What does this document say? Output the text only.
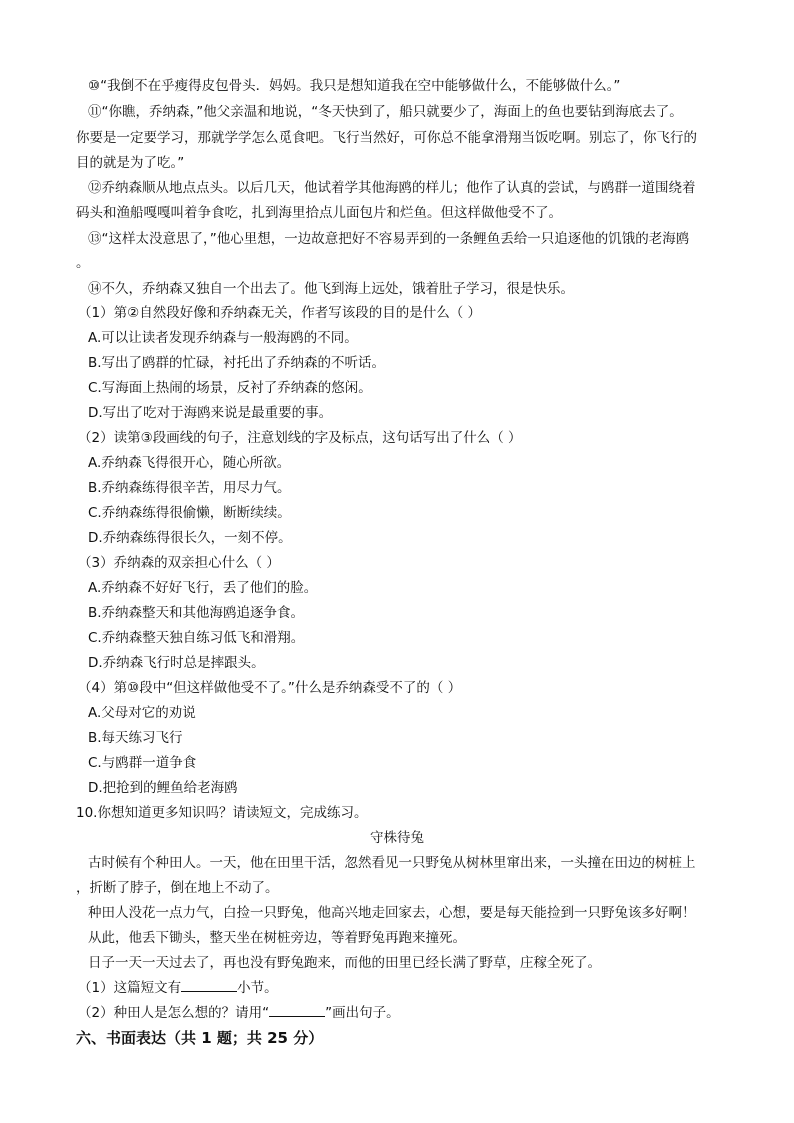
⑩“我倒不在乎瘦得皮包骨头．妈妈。我只是想知道我在空中能够做什么，不能够做什么。”
⑪“你瞧，乔纳森，”他父亲温和地说，“冬天快到了，船只就要少了，海面上的鱼也要钻到海底去了。
你要是一定要学习，那就学学怎么觅食吧。飞行当然好，可你总不能拿滑翔当饭吃啊。别忘了，你飞行的
目的就是为了吃。”
⑫乔纳森顺从地点点头。以后几天，他试着学其他海鸥的样儿；他作了认真的尝试，与鸥群一道围绕着
码头和渔船嘎嘎叫着争食吃，扎到海里拾点儿面包片和烂鱼。但这样做他受不了。
⑬“这样太没意思了，”他心里想，一边故意把好不容易弄到的一条鲤鱼丢给一只追逐他的饥饿的老海鸥
。
⑭不久，乔纳森又独自一个出去了。他飞到海上远处，饿着肚子学习，很是快乐。
（1）第②自然段好像和乔纳森无关，作者写该段的目的是什么（ ）
A.可以让读者发现乔纳森与一般海鸥的不同。
B.写出了鸥群的忙碌，衬托出了乔纳森的不听话。
C.写海面上热闹的场景，反衬了乔纳森的悠闲。
D.写出了吃对于海鸥来说是最重要的事。
（2）读第③段画线的句子，注意划线的字及标点，这句话写出了什么（ ）
A.乔纳森飞得很开心，随心所欲。
B.乔纳森练得很辛苦，用尽力气。
C.乔纳森练得很偷懒，断断续续。
D.乔纳森练得很长久，一刻不停。
（3）乔纳森的双亲担心什么（ ）
A.乔纳森不好好飞行，丢了他们的脸。
B.乔纳森整天和其他海鸥追逐争食。
C.乔纳森整天独自练习低飞和滑翔。
D.乔纳森飞行时总是摔跟头。
（4）第⑩段中“但这样做他受不了。”什么是乔纳森受不了的（ ）
A.父母对它的劝说
B.每天练习飞行
C.与鸥群一道争食
D.把抢到的鲤鱼给老海鸥
10.你想知道更多知识吗？请读短文，完成练习。
守株待兔
古时候有个种田人。一天，他在田里干活，忽然看见一只野兔从树林里窜出来，一头撞在田边的树桩上
，折断了脖子，倒在地上不动了。
种田人没花一点力气，白捡一只野兔，他高兴地走回家去，心想，要是每天能捡到一只野兔该多好啊！
从此，他丢下锄头，整天坐在树桩旁边，等着野兔再跑来撞死。
日子一天一天过去了，再也没有野兔跑来，而他的田里已经长满了野草，庄稼全死了。
（1）这篇短文有	小节。
（2）种田人是怎么想的？请用“	”画出句子。
六、书面表达（共 1 题；共 25 分）
